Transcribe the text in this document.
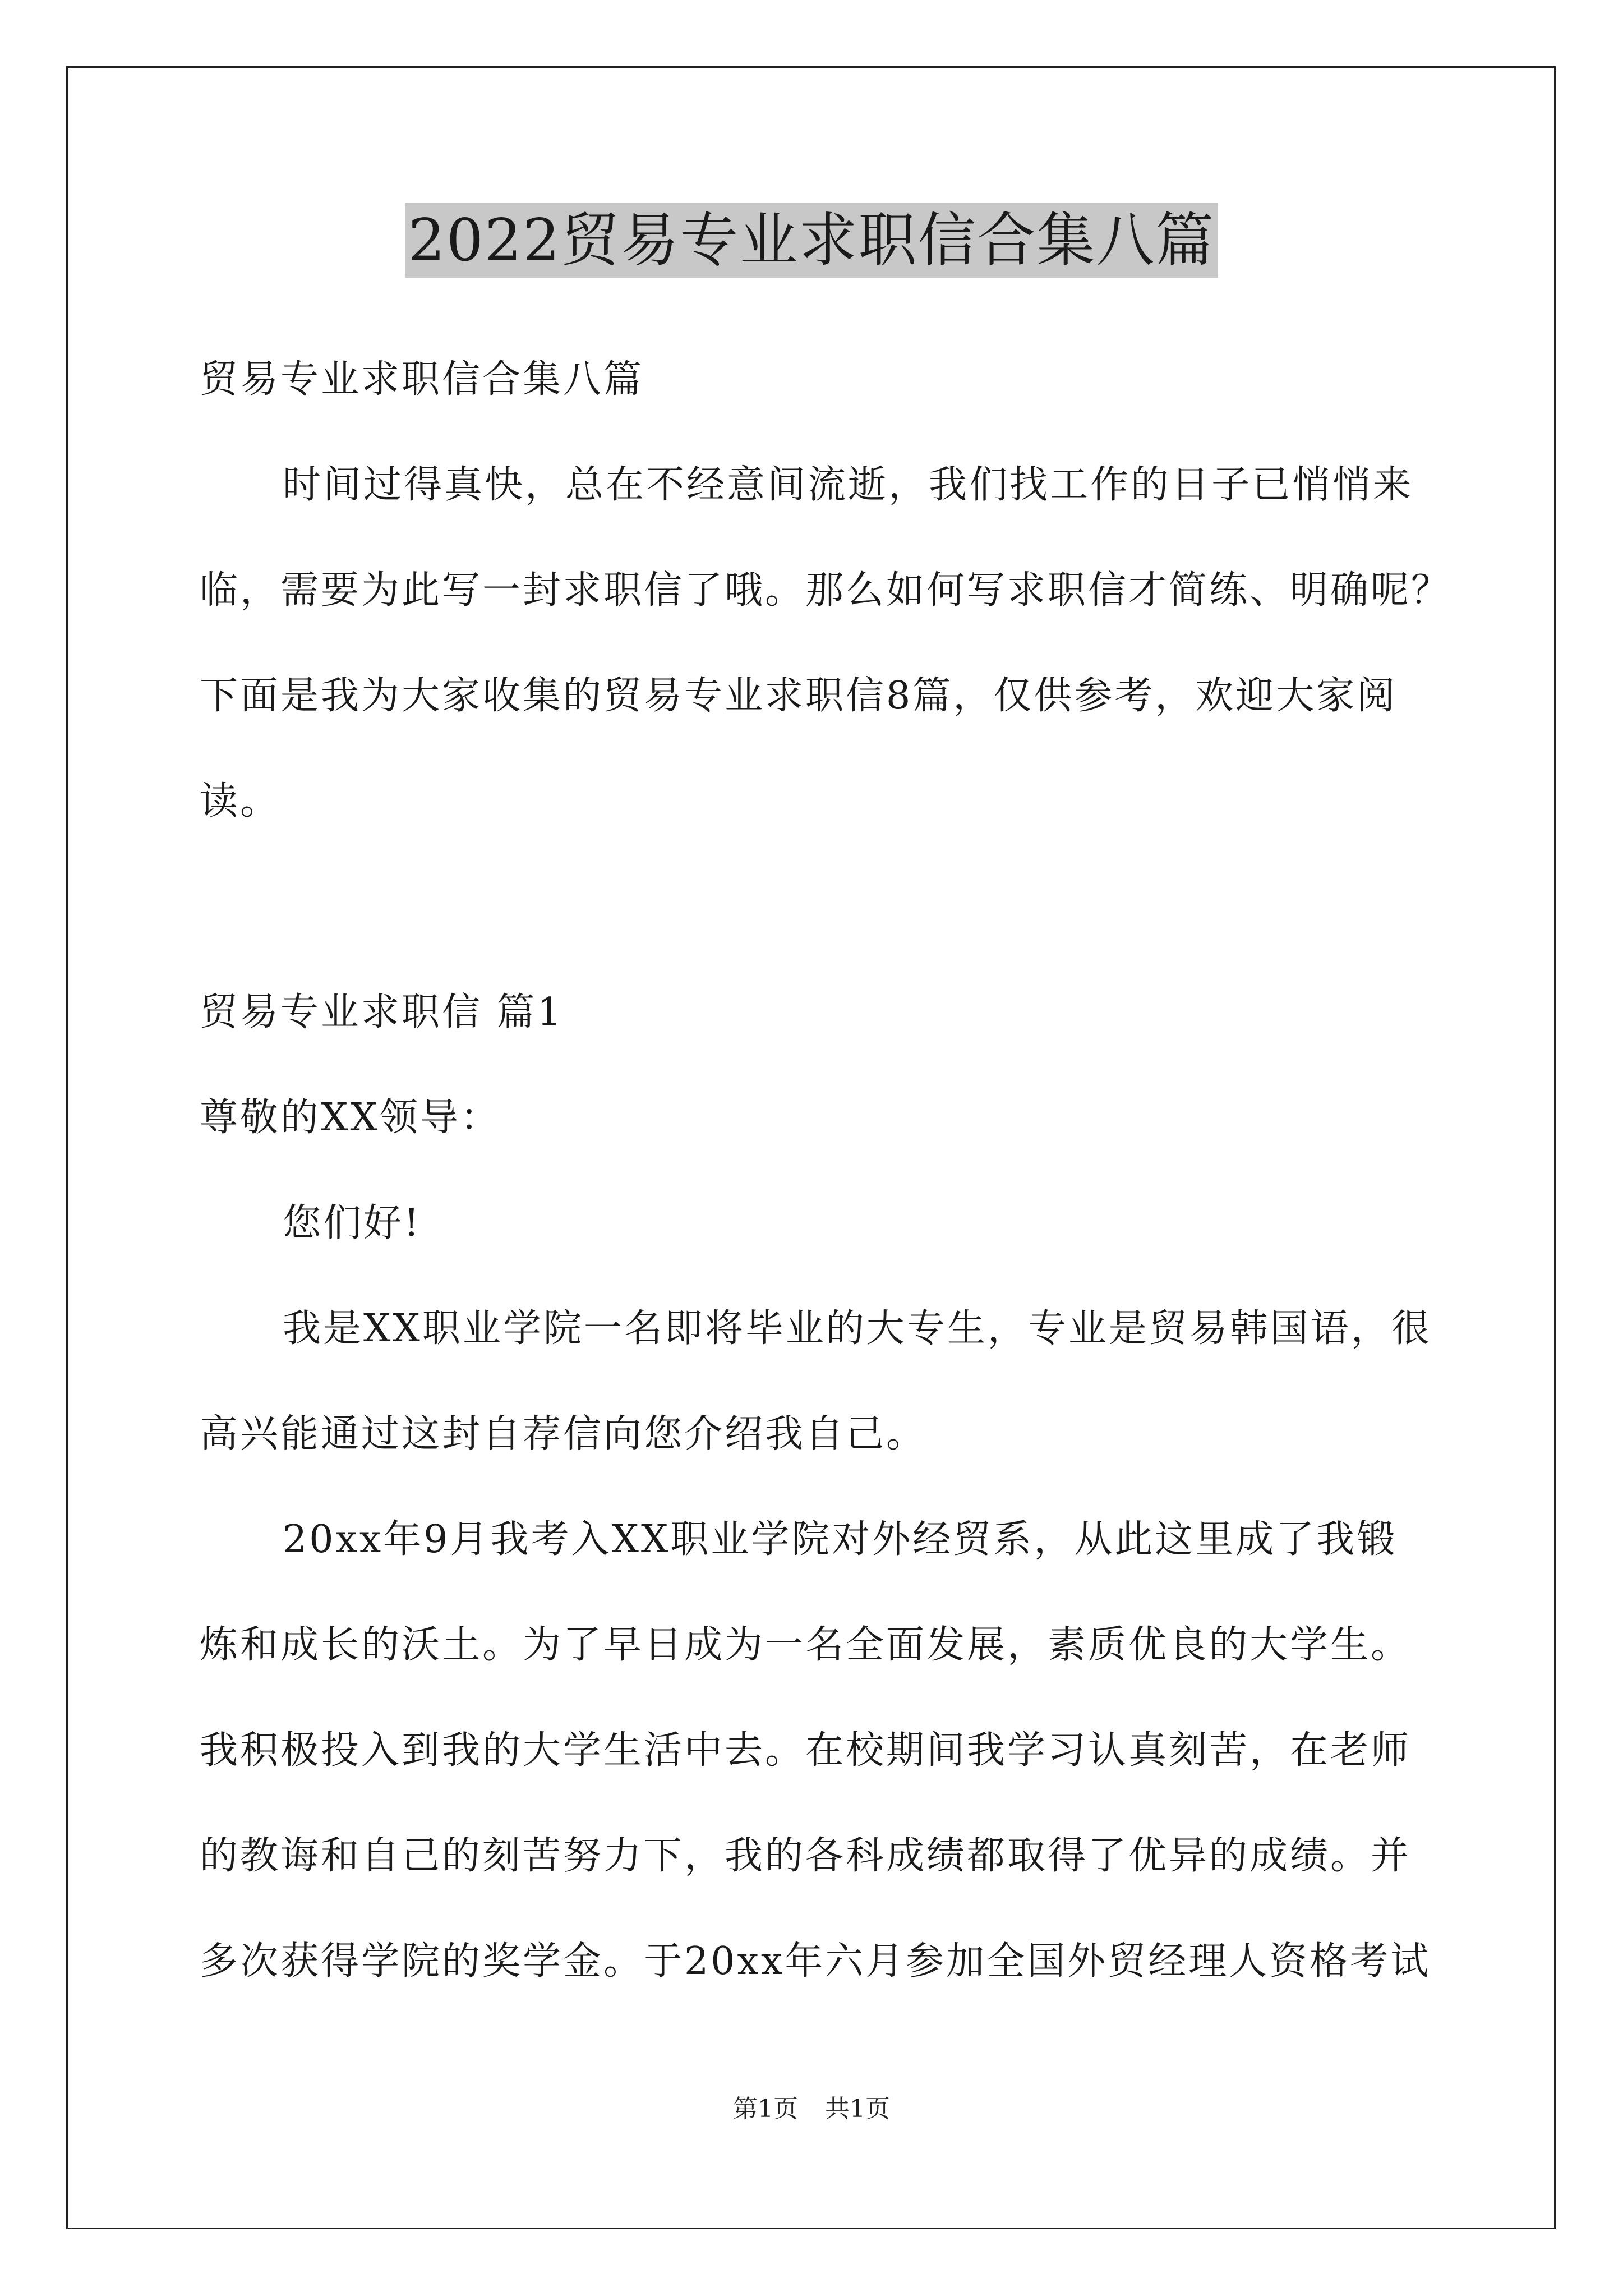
2022贸易专业求职信合集八篇
贸易专业求职信合集八篇
时间过得真快，总在不经意间流逝，我们找工作的日子已悄悄来
临，需要为此写一封求职信了哦。那么如何写求职信才简练、明确呢？
下面是我为大家收集的贸易专业求职信8篇，仅供参考，欢迎大家阅
读。
贸易专业求职信 篇1
尊敬的XX领导：
您们好!
我是XX职业学院一名即将毕业的大专生，专业是贸易韩国语，很
高兴能通过这封自荐信向您介绍我自己。
20xx年9月我考入XX职业学院对外经贸系，从此这里成了我锻
炼和成长的沃土。为了早日成为一名全面发展，素质优良的大学生。
我积极投入到我的大学生活中去。在校期间我学习认真刻苦，在老师
的教诲和自己的刻苦努力下，我的各科成绩都取得了优异的成绩。并
多次获得学院的奖学金。于20xx年六月参加全国外贸经理人资格考试
第1页 共1页
